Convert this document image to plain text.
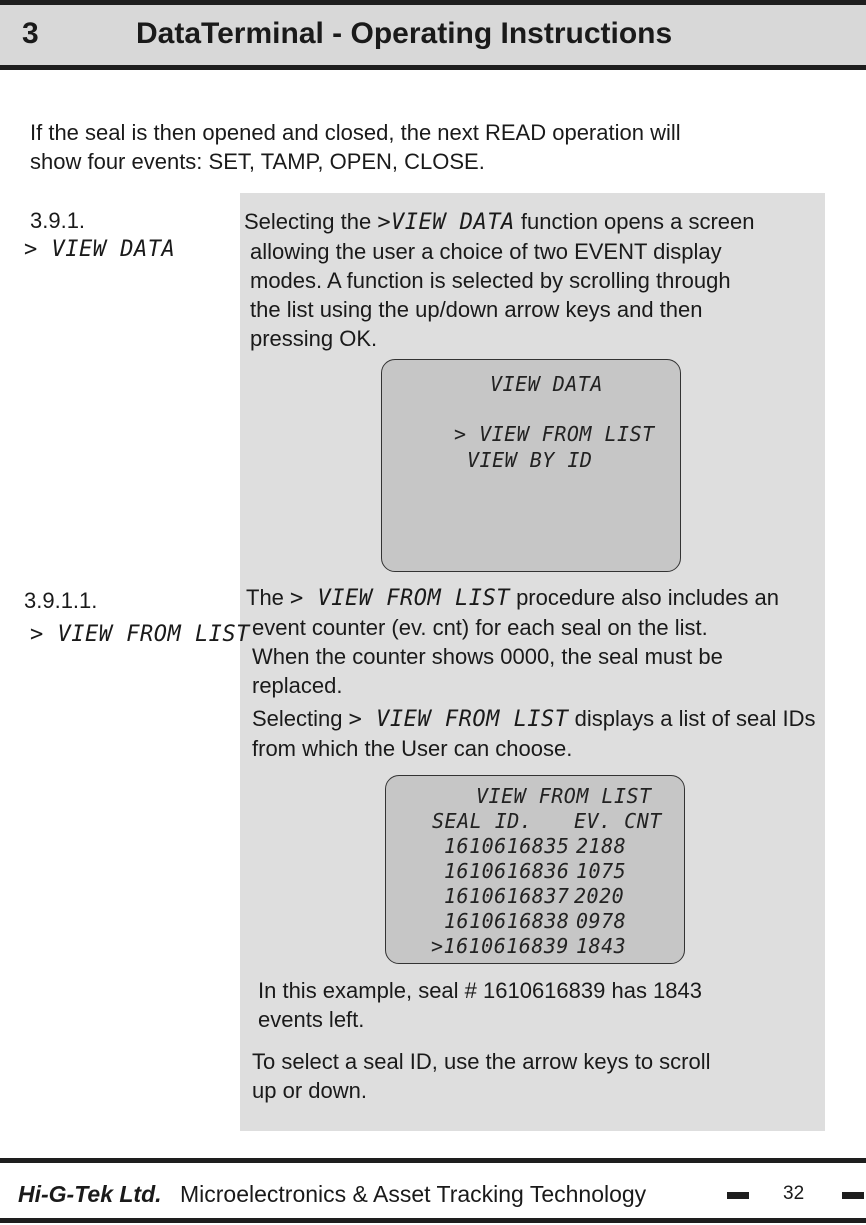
3	DataTerminal - Operating Instructions
If the seal is then opened and closed, the next READ operation will
show four events: SET, TAMP, OPEN, CLOSE.
3.9.1.
> VIEW DATA
Selecting the >VIEW DATA function opens a screen
allowing the user a choice of two EVENT display
modes. A function is selected by scrolling through
the list using the up/down arrow keys and then
pressing OK.
VIEW DATA
> VIEW FROM LIST
VIEW BY ID
3.9.1.1.
> VIEW FROM LIST
The > VIEW FROM LIST procedure also includes an
event counter (ev. cnt) for each seal on the list.
When the counter shows 0000, the seal must be
replaced.
Selecting > VIEW FROM LIST displays a list of seal IDs
from which the User can choose.
VIEW FROM LIST
SEAL ID. EV. CNT
1610616835 2188
1610616836 1075
1610616837 2020
1610616838 0978
>1610616839 1843
In this example, seal # 1610616839 has 1843
events left.
To select a seal ID, use the arrow keys to scroll
up or down.
Hi-G-Tek Ltd. Microelectronics & Asset Tracking Technology	32
